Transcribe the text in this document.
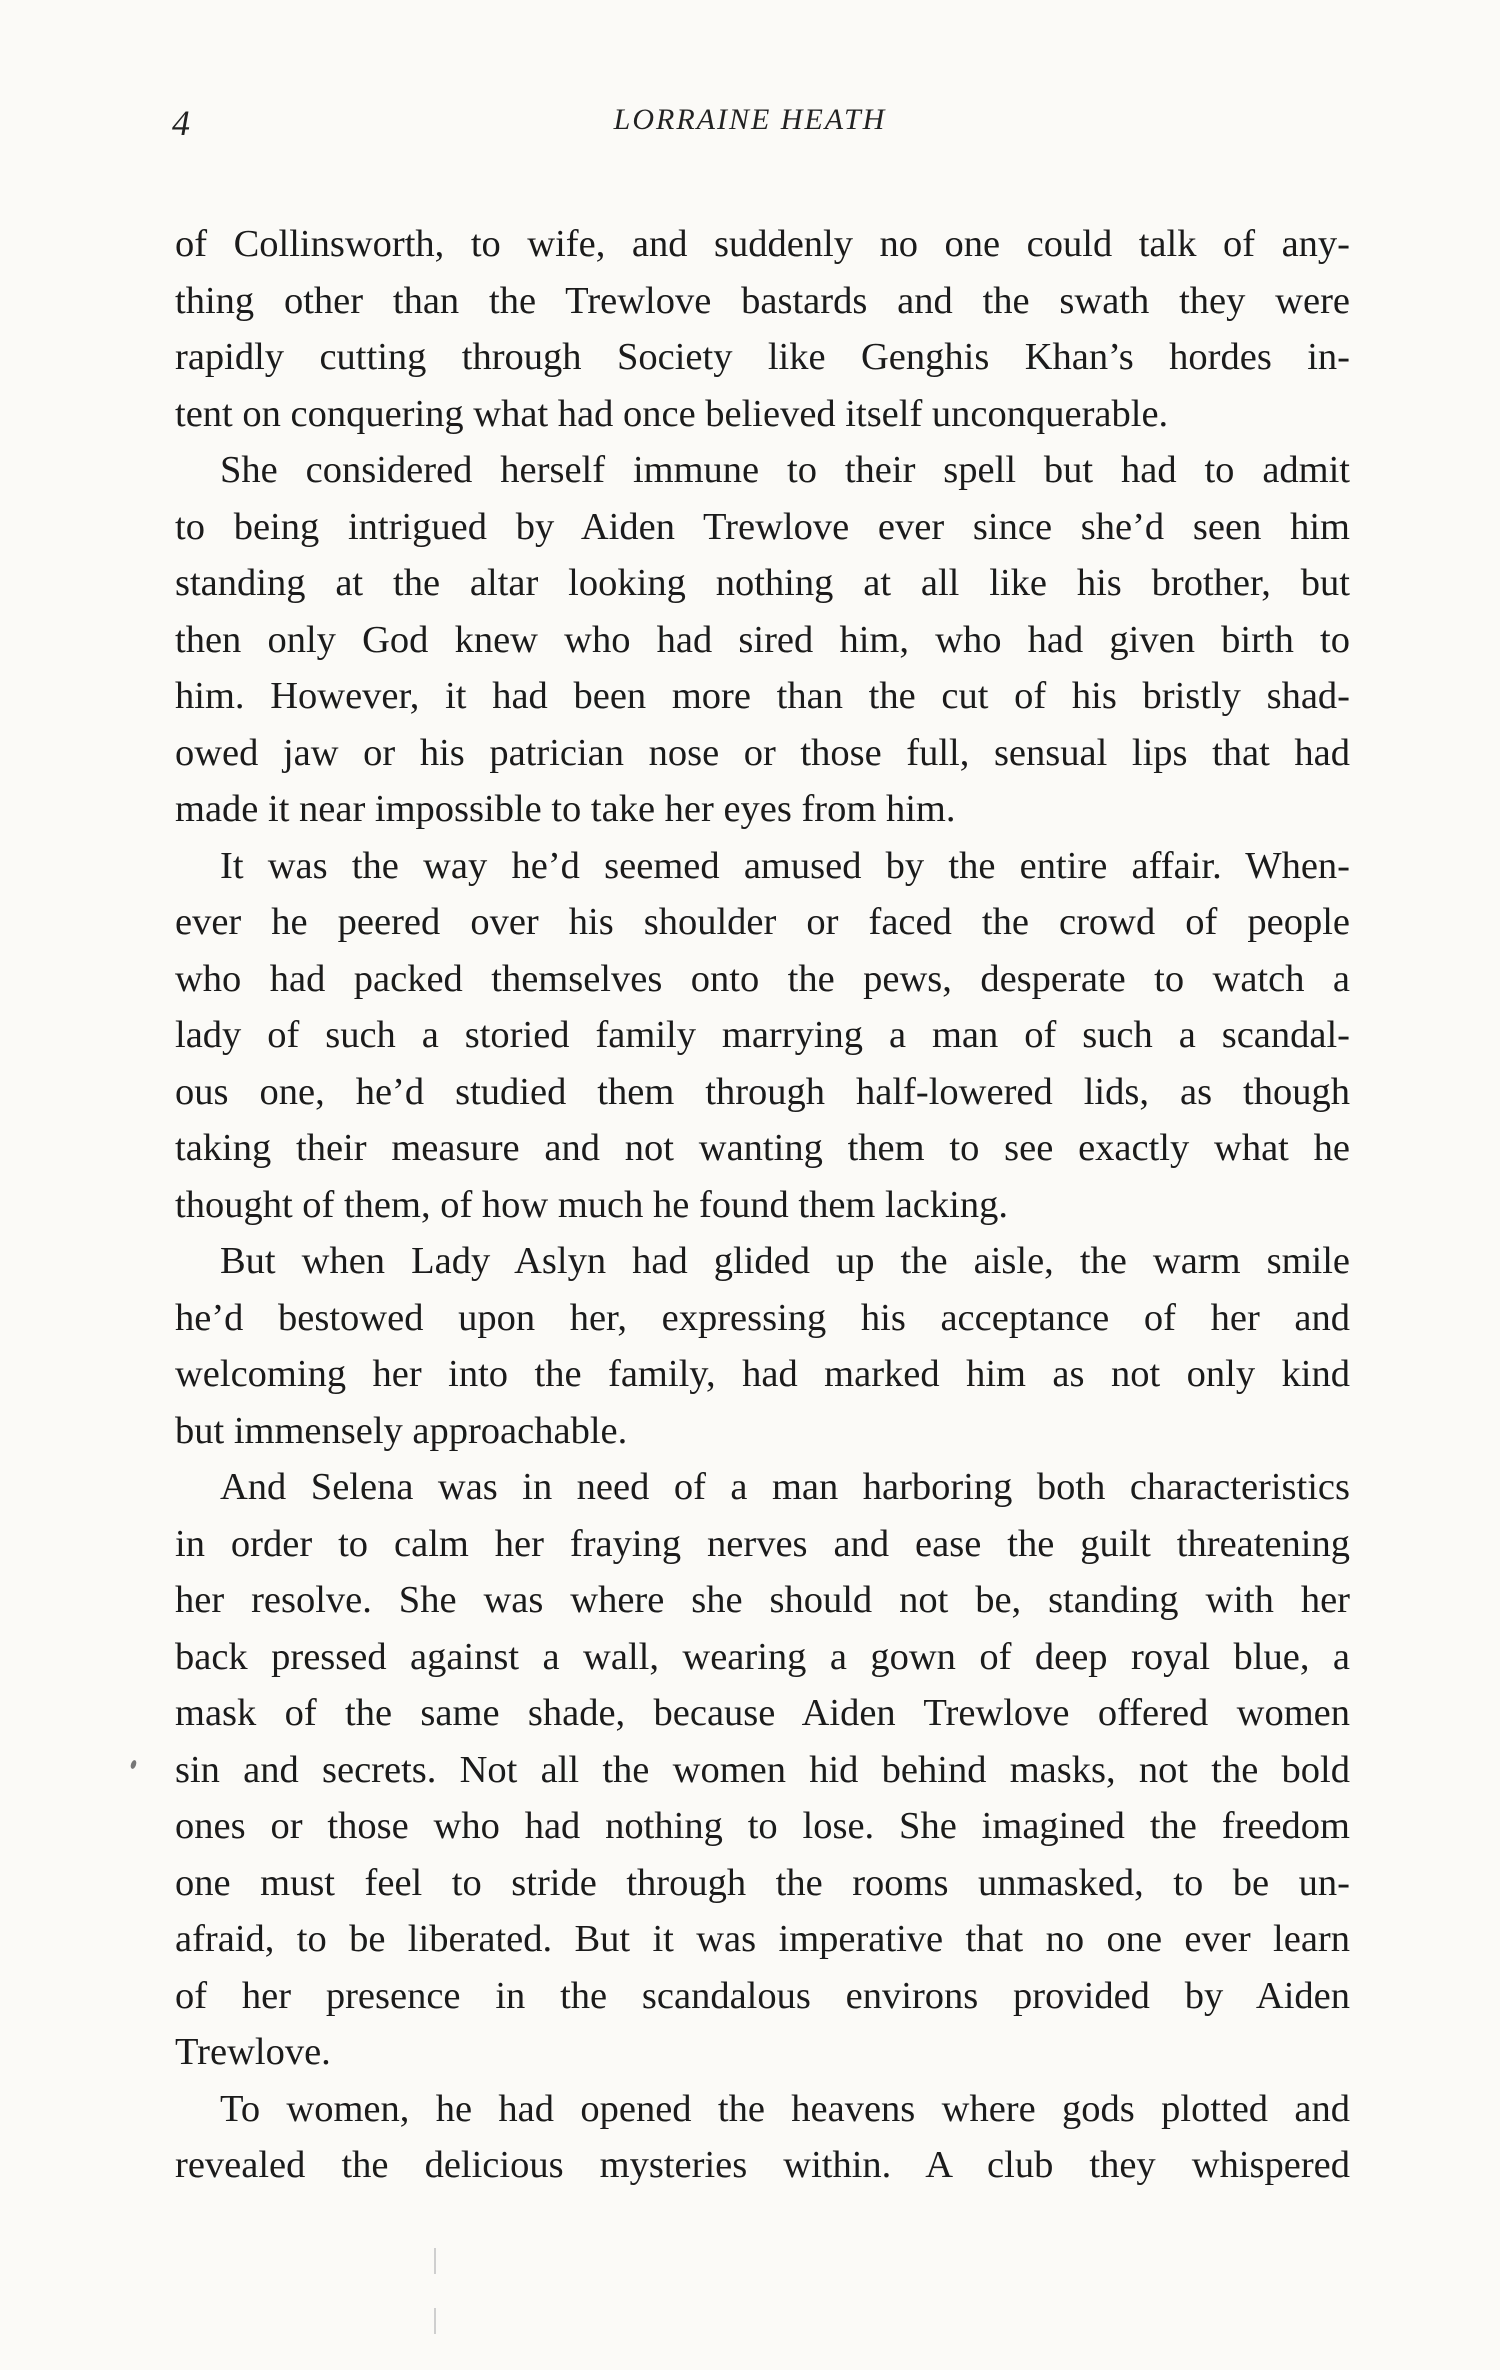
4	LORRAINE HEATH
of Collinsworth, to wife, and suddenly no one could talk of any-
thing other than the Trewlove bastards and the swath they were
rapidly cutting through Society like Genghis Khan’s hordes in-
tent on conquering what had once believed itself unconquerable.
She considered herself immune to their spell but had to admit
to being intrigued by Aiden Trewlove ever since she’d seen him
standing at the altar looking nothing at all like his brother, but
then only God knew who had sired him, who had given birth to
him. However, it had been more than the cut of his bristly shad-
owed jaw or his patrician nose or those full, sensual lips that had
made it near impossible to take her eyes from him.
It was the way he’d seemed amused by the entire affair. When-
ever he peered over his shoulder or faced the crowd of people
who had packed themselves onto the pews, desperate to watch a
lady of such a storied family marrying a man of such a scandal-
ous one, he’d studied them through half-lowered lids, as though
taking their measure and not wanting them to see exactly what he
thought of them, of how much he found them lacking.
But when Lady Aslyn had glided up the aisle, the warm smile
he’d bestowed upon her, expressing his acceptance of her and
welcoming her into the family, had marked him as not only kind
but immensely approachable.
And Selena was in need of a man harboring both characteristics
in order to calm her fraying nerves and ease the guilt threatening
her resolve. She was where she should not be, standing with her
back pressed against a wall, wearing a gown of deep royal blue, a
mask of the same shade, because Aiden Trewlove offered women
sin and secrets. Not all the women hid behind masks, not the bold
ones or those who had nothing to lose. She imagined the freedom
one must feel to stride through the rooms unmasked, to be un-
afraid, to be liberated. But it was imperative that no one ever learn
of her presence in the scandalous environs provided by Aiden
Trewlove.
To women, he had opened the heavens where gods plotted and
revealed the delicious mysteries within. A club they whispered
